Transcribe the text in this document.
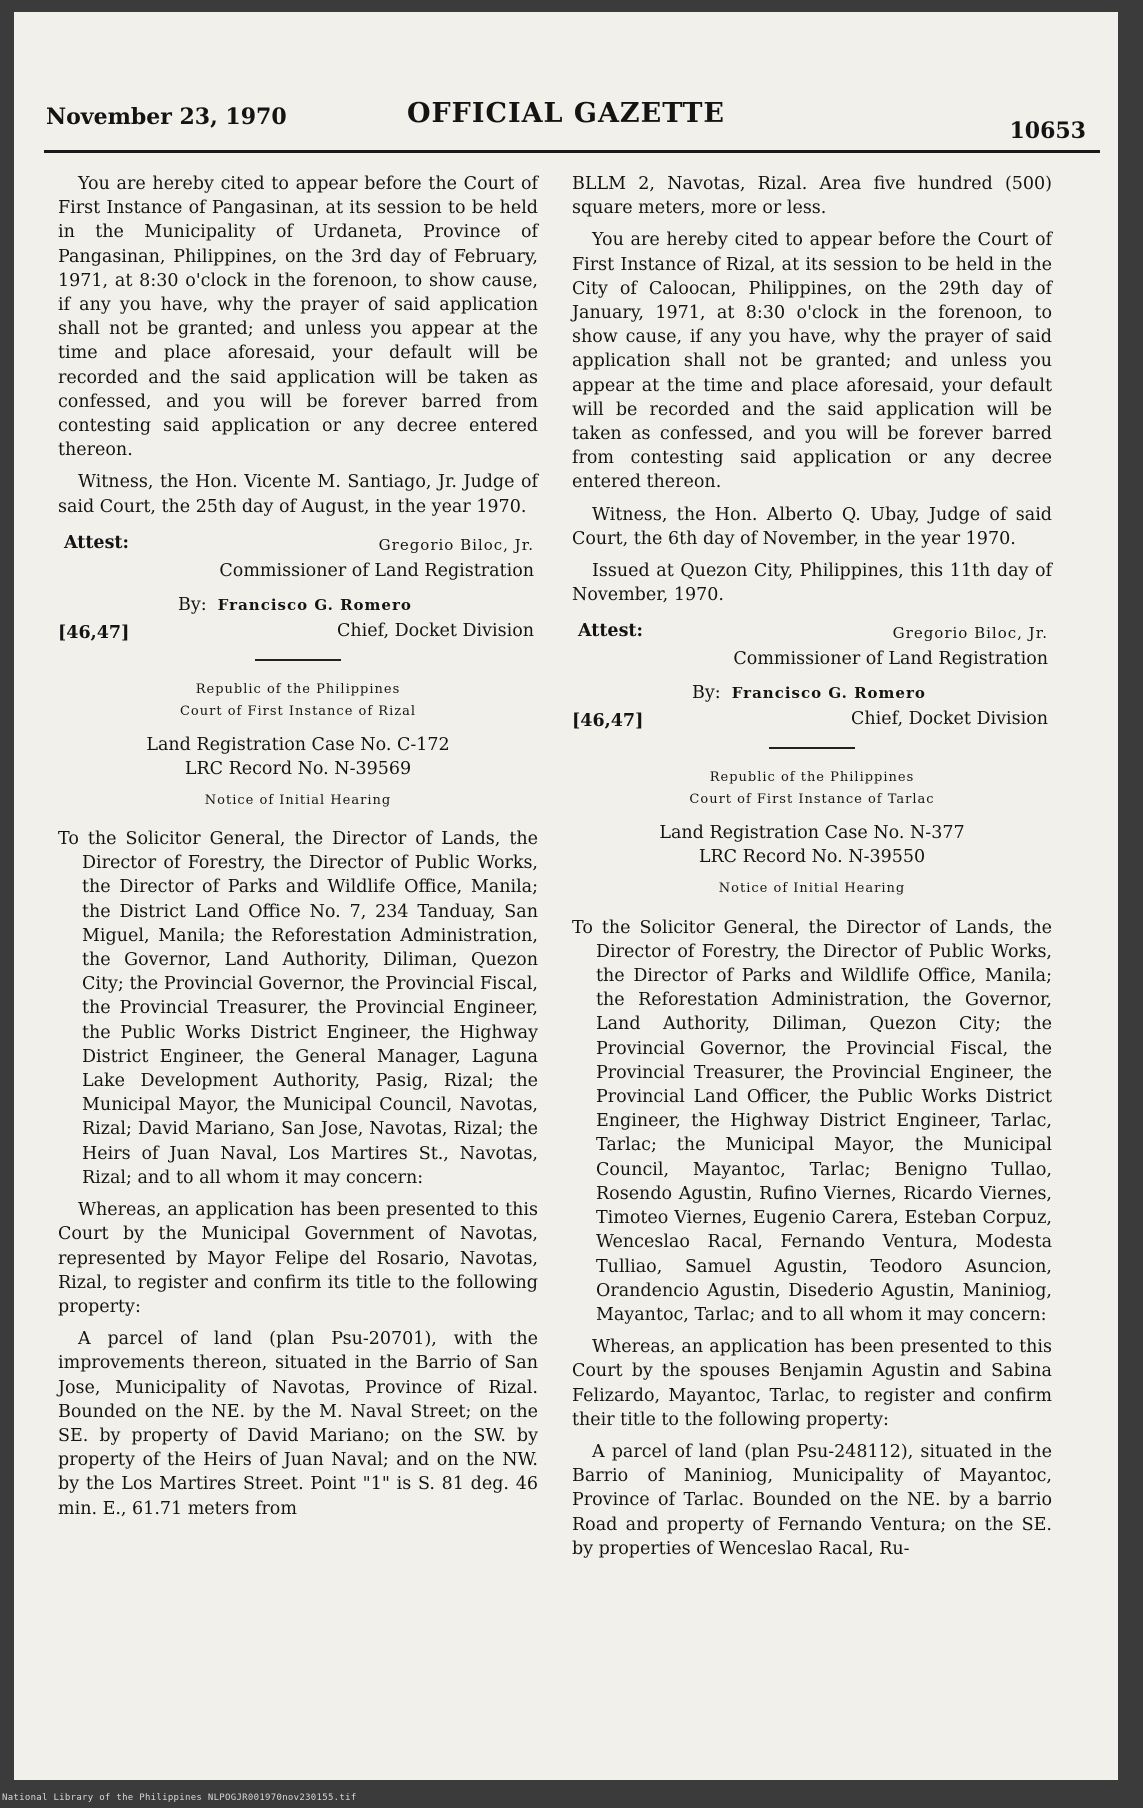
November 23, 1970	OFFICIAL GAZETTE
10653

You are hereby cited to appear before the Court of First Instance of Pangasinan, at its session to be held in the Municipality of Urdaneta, Province of Pangasinan, Philippines, on the 3rd day of February, 1971, at 8:30 o'clock in the forenoon, to show cause, if any you have, why the prayer of said application shall not be granted; and unless you appear at the time and place aforesaid, your default will be recorded and the said application will be taken as confessed, and you will be forever barred from contesting said application or any decree entered thereon.

Witness, the Hon. Vicente M. Santiago, Jr. Judge of said Court, the 25th day of August, in the year 1970.

Attest:	Gregorio Biloc, Jr.
Commissioner of Land Registration
By: Francisco G. Romero
[46,47]	Chief, Docket Division

Republic of the Philippines

Court of First Instance of Rizal

Land Registration Case No. C-172

LRC Record No. N-39569

Notice of Initial Hearing

To the Solicitor General, the Director of Lands, the Director of Forestry, the Director of Public Works, the Director of Parks and Wildlife Office, Manila; the District Land Office No. 7, 234 Tanduay, San Miguel, Manila; the Reforestation Administration, the Governor, Land Authority, Diliman, Quezon City; the Provincial Governor, the Provincial Fiscal, the Provincial Treasurer, the Provincial Engineer, the Public Works District Engineer, the Highway District Engineer, the General Manager, Laguna Lake Development Authority, Pasig, Rizal; the Municipal Mayor, the Municipal Council, Navotas, Rizal; David Mariano, San Jose, Navotas, Rizal; the Heirs of Juan Naval, Los Martires St., Navotas, Rizal; and to all whom it may concern:

Whereas, an application has been presented to this Court by the Municipal Government of Navotas, represented by Mayor Felipe del Rosario, Navotas, Rizal, to register and confirm its title to the following property:

A parcel of land (plan Psu-20701), with the improvements thereon, situated in the Barrio of San Jose, Municipality of Navotas, Province of Rizal. Bounded on the NE. by the M. Naval Street; on the SE. by property of David Mariano; on the SW. by property of the Heirs of Juan Naval; and on the NW. by the Los Martires Street. Point "1" is S. 81 deg. 46 min. E., 61.71 meters from

BLLM 2, Navotas, Rizal. Area five hundred (500) square meters, more or less.

You are hereby cited to appear before the Court of First Instance of Rizal, at its session to be held in the City of Caloocan, Philippines, on the 29th day of January, 1971, at 8:30 o'clock in the forenoon, to show cause, if any you have, why the prayer of said application shall not be granted; and unless you appear at the time and place aforesaid, your default will be recorded and the said application will be taken as confessed, and you will be forever barred from contesting said application or any decree entered thereon.

Witness, the Hon. Alberto Q. Ubay, Judge of said Court, the 6th day of November, in the year 1970.

Issued at Quezon City, Philippines, this 11th day of November, 1970.

Attest:	Gregorio Biloc, Jr.
Commissioner of Land Registration
By: Francisco G. Romero
[46,47]	Chief, Docket Division

Republic of the Philippines

Court of First Instance of Tarlac

Land Registration Case No. N-377

LRC Record No. N-39550

Notice of Initial Hearing

To the Solicitor General, the Director of Lands, the Director of Forestry, the Director of Public Works, the Director of Parks and Wildlife Office, Manila; the Reforestation Administration, the Governor, Land Authority, Diliman, Quezon City; the Provincial Governor, the Provincial Fiscal, the Provincial Treasurer, the Provincial Engineer, the Provincial Land Officer, the Public Works District Engineer, the Highway District Engineer, Tarlac, Tarlac; the Municipal Mayor, the Municipal Council, Mayantoc, Tarlac; Benigno Tullao, Rosendo Agustin, Rufino Viernes, Ricardo Viernes, Timoteo Viernes, Eugenio Carera, Esteban Corpuz, Wenceslao Racal, Fernando Ventura, Modesta Tulliao, Samuel Agustin, Teodoro Asuncion, Orandencio Agustin, Disederio Agustin, Maniniog, Mayantoc, Tarlac; and to all whom it may concern:

Whereas, an application has been presented to this Court by the spouses Benjamin Agustin and Sabina Felizardo, Mayantoc, Tarlac, to register and confirm their title to the following property:

A parcel of land (plan Psu-248112), situated in the Barrio of Maniniog, Municipality of Mayantoc, Province of Tarlac. Bounded on the NE. by a barrio Road and property of Fernando Ventura; on the SE. by properties of Wenceslao Racal, Ru-

National Library of the Philippines NLPOGJR001970nov230155.tif
